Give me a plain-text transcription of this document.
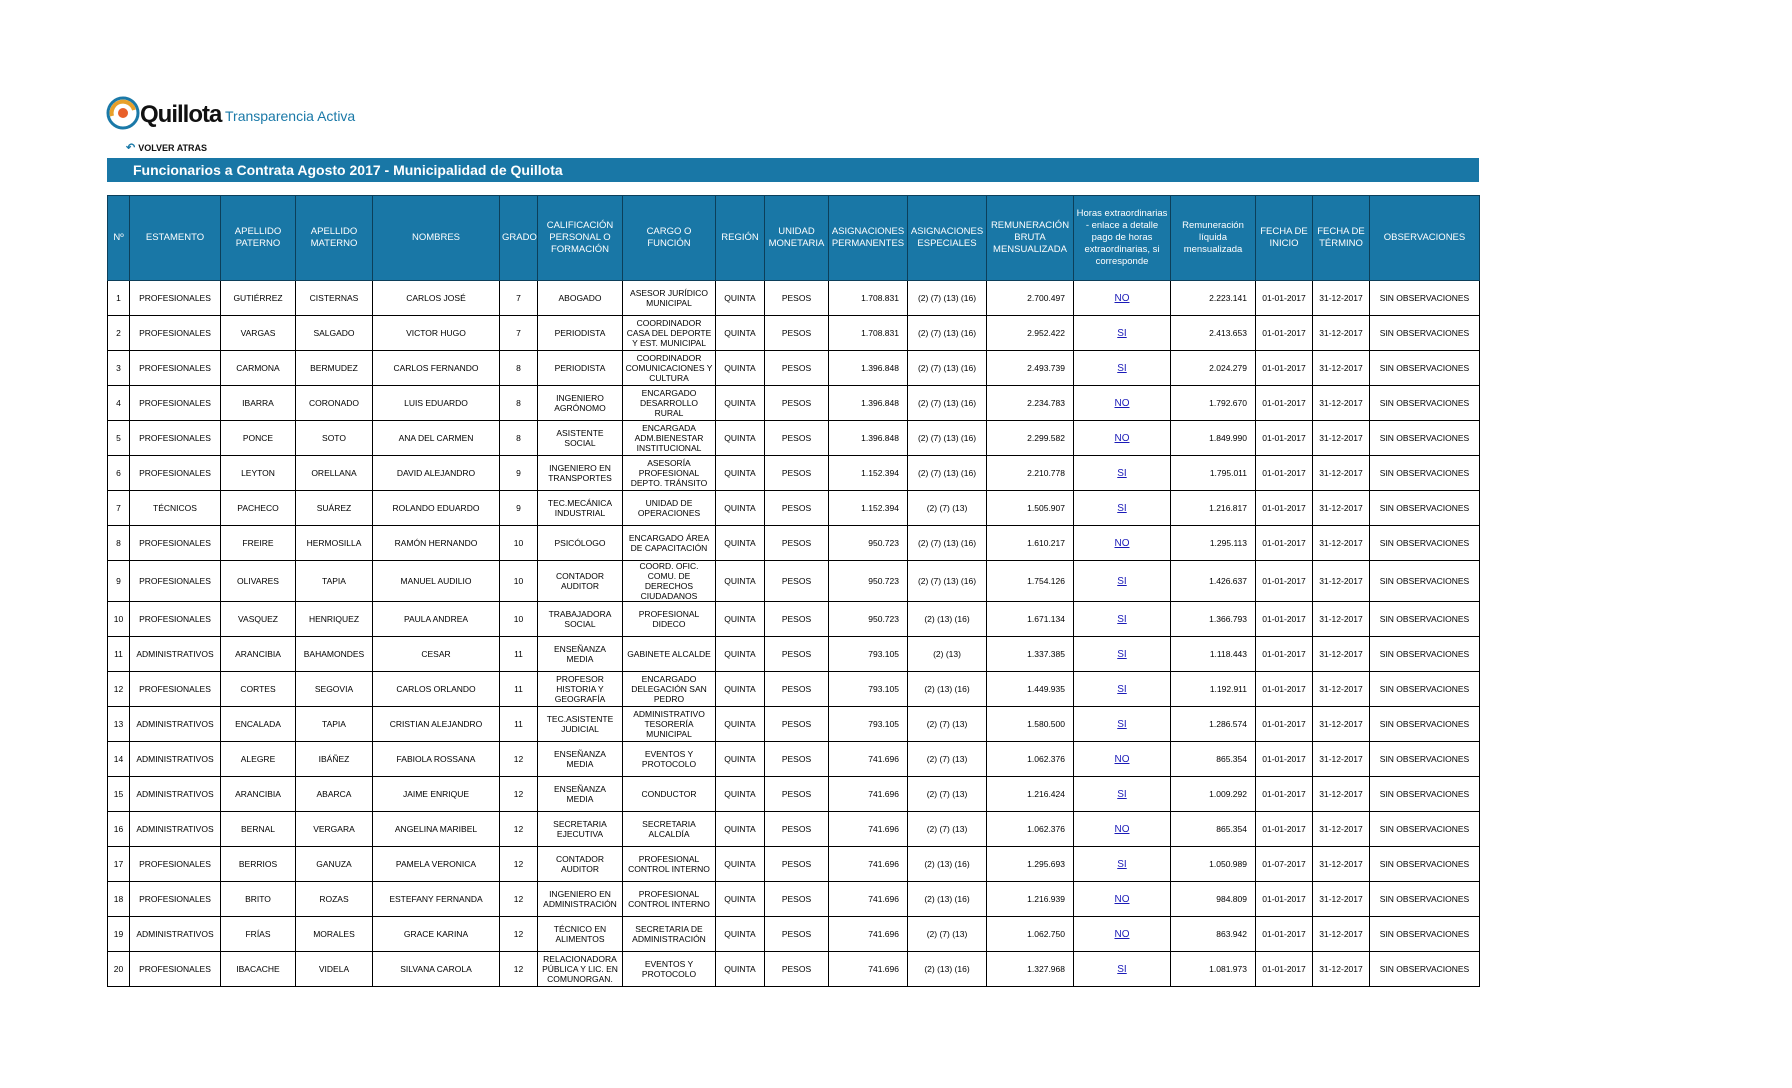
Quillota Transparencia Activa
↶ VOLVER ATRAS
Funcionarios a Contrata Agosto 2017 - Municipalidad de Quillota
Nº	ESTAMENTO	APELLIDO PATERNO	APELLIDO MATERNO	NOMBRES	GRADO	CALIFICACIÓN PERSONAL O FORMACIÓN	CARGO O FUNCIÓN	REGIÓN	UNIDAD MONETARIA	ASIGNACIONES PERMANENTES	ASIGNACIONES ESPECIALES	REMUNERACIÓN BRUTA MENSUALIZADA	Horas extraordinarias - enlace a detalle pago de horas extraordinarias, si corresponde	Remuneración líquida mensualizada	FECHA DE INICIO	FECHA DE TÉRMINO	OBSERVACIONES
1	PROFESIONALES	GUTIÉRREZ	CISTERNAS	CARLOS JOSÉ	7	ABOGADO	ASESOR JURÍDICO MUNICIPAL	QUINTA	PESOS	1.708.831	(2) (7) (13) (16)	2.700.497	NO	2.223.141	01-01-2017	31-12-2017	SIN OBSERVACIONES
2	PROFESIONALES	VARGAS	SALGADO	VICTOR HUGO	7	PERIODISTA	COORDINADOR CASA DEL DEPORTE Y EST. MUNICIPAL	QUINTA	PESOS	1.708.831	(2) (7) (13) (16)	2.952.422	SI	2.413.653	01-01-2017	31-12-2017	SIN OBSERVACIONES
3	PROFESIONALES	CARMONA	BERMUDEZ	CARLOS FERNANDO	8	PERIODISTA	COORDINADOR COMUNICACIONES Y CULTURA	QUINTA	PESOS	1.396.848	(2) (7) (13) (16)	2.493.739	SI	2.024.279	01-01-2017	31-12-2017	SIN OBSERVACIONES
4	PROFESIONALES	IBARRA	CORONADO	LUIS EDUARDO	8	INGENIERO AGRÓNOMO	ENCARGADO DESARROLLO RURAL	QUINTA	PESOS	1.396.848	(2) (7) (13) (16)	2.234.783	NO	1.792.670	01-01-2017	31-12-2017	SIN OBSERVACIONES
5	PROFESIONALES	PONCE	SOTO	ANA DEL CARMEN	8	ASISTENTE SOCIAL	ENCARGADA ADM.BIENESTAR INSTITUCIONAL	QUINTA	PESOS	1.396.848	(2) (7) (13) (16)	2.299.582	NO	1.849.990	01-01-2017	31-12-2017	SIN OBSERVACIONES
6	PROFESIONALES	LEYTON	ORELLANA	DAVID ALEJANDRO	9	INGENIERO EN TRANSPORTES	ASESORÍA PROFESIONAL DEPTO. TRÁNSITO	QUINTA	PESOS	1.152.394	(2) (7) (13) (16)	2.210.778	SI	1.795.011	01-01-2017	31-12-2017	SIN OBSERVACIONES
7	TÉCNICOS	PACHECO	SUÁREZ	ROLANDO EDUARDO	9	TEC.MECÁNICA INDUSTRIAL	UNIDAD DE OPERACIONES	QUINTA	PESOS	1.152.394	(2) (7) (13)	1.505.907	SI	1.216.817	01-01-2017	31-12-2017	SIN OBSERVACIONES
8	PROFESIONALES	FREIRE	HERMOSILLA	RAMÓN HERNANDO	10	PSICÓLOGO	ENCARGADO ÁREA DE CAPACITACIÓN	QUINTA	PESOS	950.723	(2) (7) (13) (16)	1.610.217	NO	1.295.113	01-01-2017	31-12-2017	SIN OBSERVACIONES
9	PROFESIONALES	OLIVARES	TAPIA	MANUEL AUDILIO	10	CONTADOR AUDITOR	COORD. OFIC. COMU. DE DERECHOS CIUDADANOS	QUINTA	PESOS	950.723	(2) (7) (13) (16)	1.754.126	SI	1.426.637	01-01-2017	31-12-2017	SIN OBSERVACIONES
10	PROFESIONALES	VASQUEZ	HENRIQUEZ	PAULA ANDREA	10	TRABAJADORA SOCIAL	PROFESIONAL DIDECO	QUINTA	PESOS	950.723	(2) (13) (16)	1.671.134	SI	1.366.793	01-01-2017	31-12-2017	SIN OBSERVACIONES
11	ADMINISTRATIVOS	ARANCIBIA	BAHAMONDES	CESAR	11	ENSEÑANZA MEDIA	GABINETE ALCALDE	QUINTA	PESOS	793.105	(2) (13)	1.337.385	SI	1.118.443	01-01-2017	31-12-2017	SIN OBSERVACIONES
12	PROFESIONALES	CORTES	SEGOVIA	CARLOS ORLANDO	11	PROFESOR HISTORIA Y GEOGRAFÍA	ENCARGADO DELEGACIÓN SAN PEDRO	QUINTA	PESOS	793.105	(2) (13) (16)	1.449.935	SI	1.192.911	01-01-2017	31-12-2017	SIN OBSERVACIONES
13	ADMINISTRATIVOS	ENCALADA	TAPIA	CRISTIAN ALEJANDRO	11	TEC.ASISTENTE JUDICIAL	ADMINISTRATIVO TESORERÍA MUNICIPAL	QUINTA	PESOS	793.105	(2) (7) (13)	1.580.500	SI	1.286.574	01-01-2017	31-12-2017	SIN OBSERVACIONES
14	ADMINISTRATIVOS	ALEGRE	IBÁÑEZ	FABIOLA ROSSANA	12	ENSEÑANZA MEDIA	EVENTOS Y PROTOCOLO	QUINTA	PESOS	741.696	(2) (7) (13)	1.062.376	NO	865.354	01-01-2017	31-12-2017	SIN OBSERVACIONES
15	ADMINISTRATIVOS	ARANCIBIA	ABARCA	JAIME ENRIQUE	12	ENSEÑANZA MEDIA	CONDUCTOR	QUINTA	PESOS	741.696	(2) (7) (13)	1.216.424	SI	1.009.292	01-01-2017	31-12-2017	SIN OBSERVACIONES
16	ADMINISTRATIVOS	BERNAL	VERGARA	ANGELINA MARIBEL	12	SECRETARIA EJECUTIVA	SECRETARIA ALCALDÍA	QUINTA	PESOS	741.696	(2) (7) (13)	1.062.376	NO	865.354	01-01-2017	31-12-2017	SIN OBSERVACIONES
17	PROFESIONALES	BERRIOS	GANUZA	PAMELA VERONICA	12	CONTADOR AUDITOR	PROFESIONAL CONTROL INTERNO	QUINTA	PESOS	741.696	(2) (13) (16)	1.295.693	SI	1.050.989	01-07-2017	31-12-2017	SIN OBSERVACIONES
18	PROFESIONALES	BRITO	ROZAS	ESTEFANY FERNANDA	12	INGENIERO EN ADMINISTRACIÓN	PROFESIONAL CONTROL INTERNO	QUINTA	PESOS	741.696	(2) (13) (16)	1.216.939	NO	984.809	01-01-2017	31-12-2017	SIN OBSERVACIONES
19	ADMINISTRATIVOS	FRÍAS	MORALES	GRACE KARINA	12	TÉCNICO EN ALIMENTOS	SECRETARIA DE ADMINISTRACIÓN	QUINTA	PESOS	741.696	(2) (7) (13)	1.062.750	NO	863.942	01-01-2017	31-12-2017	SIN OBSERVACIONES
20	PROFESIONALES	IBACACHE	VIDELA	SILVANA CAROLA	12	RELACIONADORA PÚBLICA Y LIC. EN COMUNORGAN.	EVENTOS Y PROTOCOLO	QUINTA	PESOS	741.696	(2) (13) (16)	1.327.968	SI	1.081.973	01-01-2017	31-12-2017	SIN OBSERVACIONES
